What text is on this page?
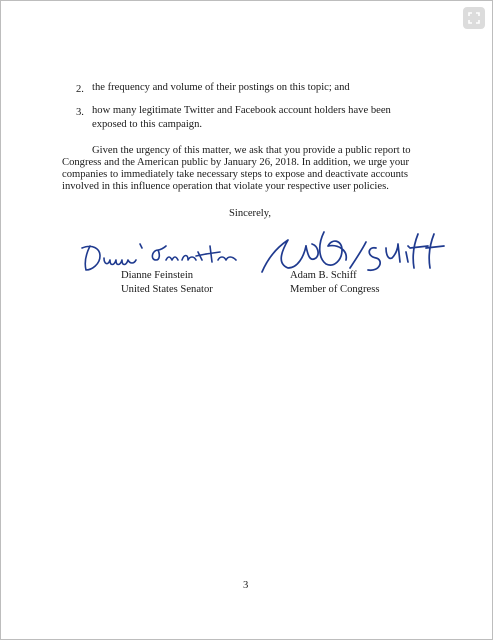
2. the frequency and volume of their postings on this topic; and
3. how many legitimate Twitter and Facebook account holders have been
exposed to this campaign.
Given the urgency of this matter, we ask that you provide a public report to
Congress and the American public by January 26, 2018. In addition, we urge your
companies to immediately take necessary steps to expose and deactivate accounts
involved in this influence operation that violate your respective user policies.
Sincerely,
Dianne Feinstein
United States Senator
Adam B. Schiff
Member of Congress
3
